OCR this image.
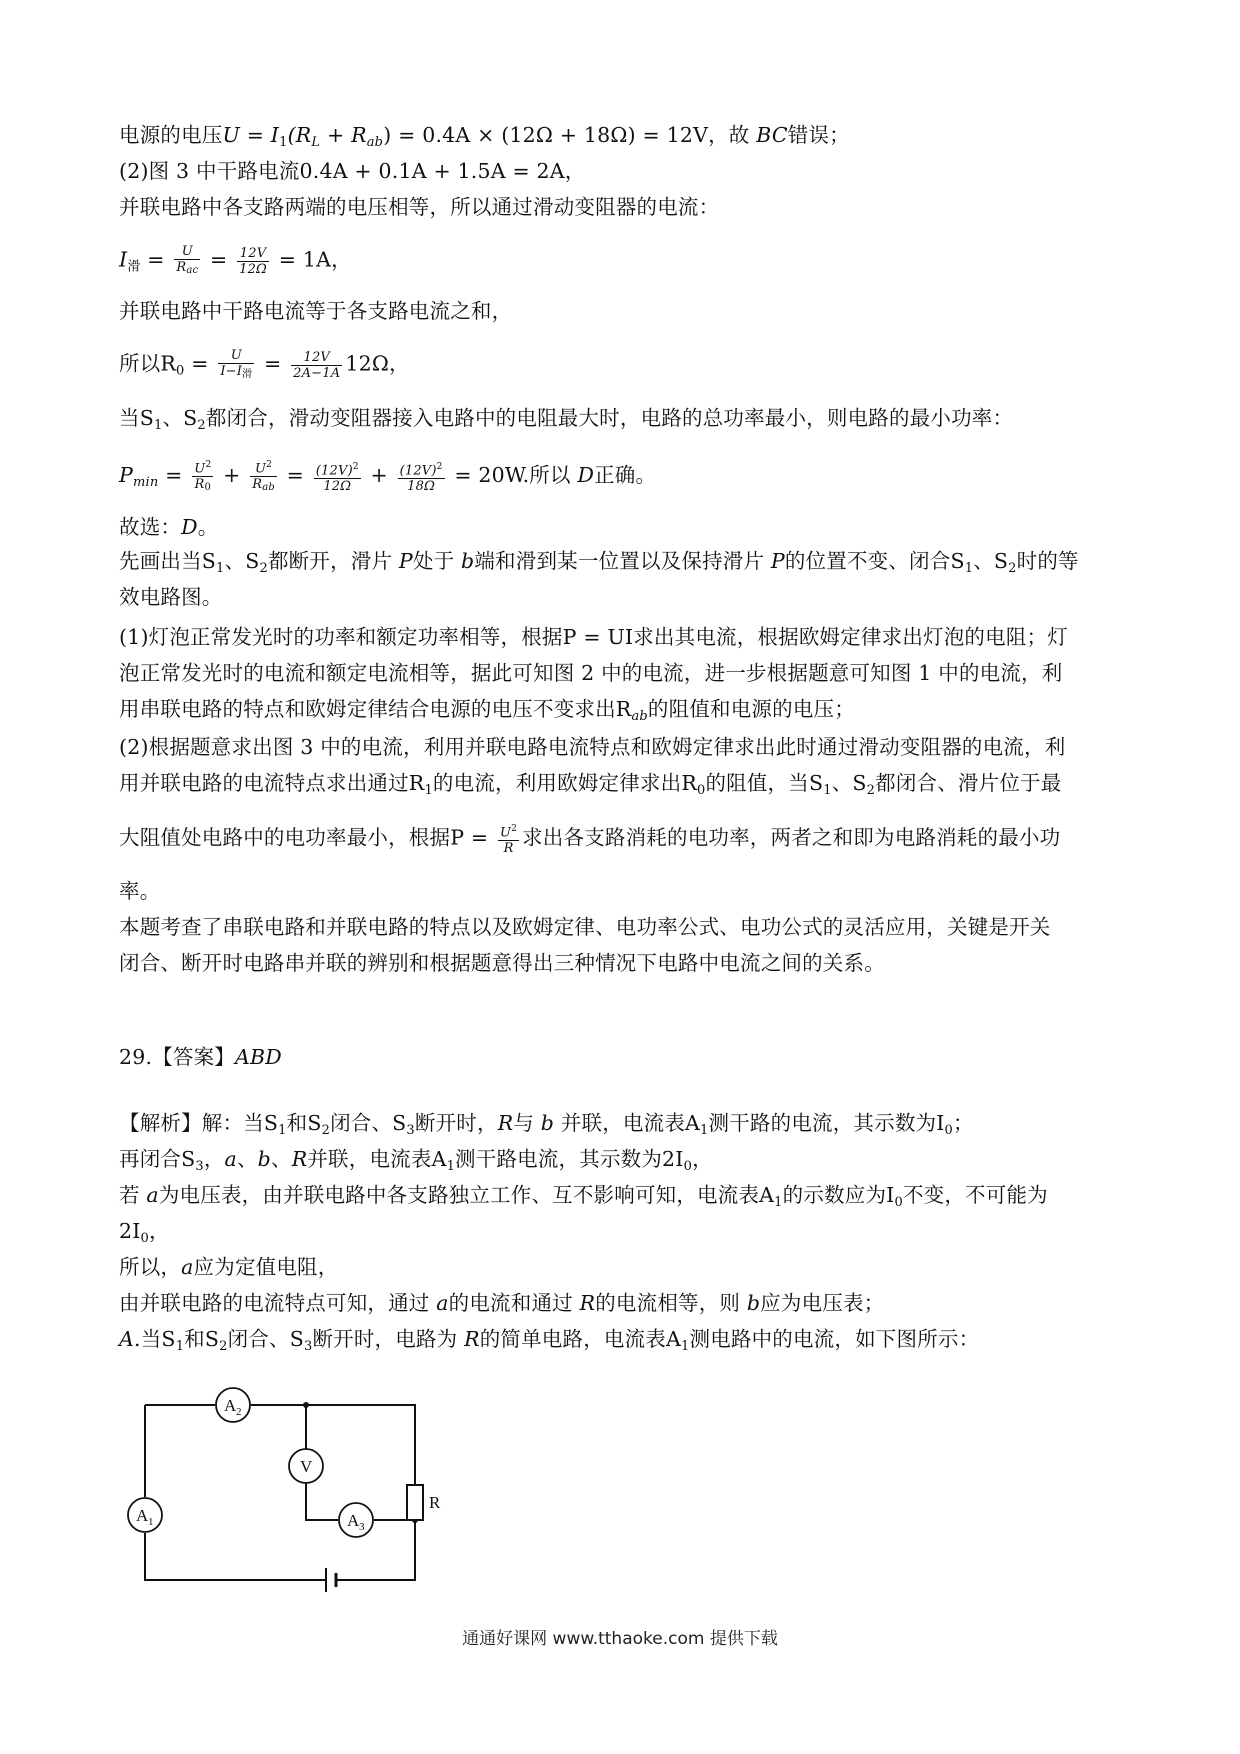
电源的电压$U = I_1(R_L + R_{ab}) = 0.4A \times (12\Omega + 18\Omega) = 12V$，故 BC错误；
(2)图 3 中干路电流0.4A + 0.1A + 1.5A = 2A，
并联电路中各支路两端的电压相等，所以通过滑动变阻器的电流：
$I_滑 = \frac{U}{R_{ac}} = \frac{12V}{12\Omega} = 1A$，
并联电路中干路电流等于各支路电流之和，
所以$R_0 = \frac{U}{I-I_滑} = \frac{12V}{2A-1A} 12\Omega$，
当$S_1$、$S_2$都闭合，滑动变阻器接入电路中的电阻最大时，电路的总功率最小，则电路的最小功率：
$P_{min} = \frac{U^2}{R_0} + \frac{U^2}{R_{ab}} = \frac{(12V)^2}{12\Omega} + \frac{(12V)^2}{18\Omega} = 20W$.所以 D正确。
故选：D。
先画出当$S_1$、$S_2$都断开，滑片 P处于 b端和滑到某一位置以及保持滑片 P的位置不变、闭合$S_1$、$S_2$时的等
效电路图。
(1)灯泡正常发光时的功率和额定功率相等，根据P = UI求出其电流，根据欧姆定律求出灯泡的电阻；灯
泡正常发光时的电流和额定电流相等，据此可知图 2 中的电流，进一步根据题意可知图 1 中的电流，利
用串联电路的特点和欧姆定律结合电源的电压不变求出$R_{ab}$的阻值和电源的电压；
(2)根据题意求出图 3 中的电流，利用并联电路电流特点和欧姆定律求出此时通过滑动变阻器的电流，利
用并联电路的电流特点求出通过$R_1$的电流，利用欧姆定律求出$R_0$的阻值，当$S_1$、$S_2$都闭合、滑片位于最
大阻值处电路中的电功率最小，根据$P = \frac{U^2}{R}$ 求出各支路消耗的电功率，两者之和即为电路消耗的最小功
率。
本题考查了串联电路和并联电路的特点以及欧姆定律、电功率公式、电功公式的灵活应用，关键是开关
闭合、断开时电路串并联的辨别和根据题意得出三种情况下电路中电流之间的关系。
29.【答案】ABD
【解析】解：当$S_1$和$S_2$闭合、$S_3$断开时，R与 b 并联，电流表$A_1$测干路的电流，其示数为$I_0$；
再闭合$S_3$，a、b、R并联，电流表$A_1$测干路电流，其示数为$2I_0$，
若 a为电压表，由并联电路中各支路独立工作、互不影响可知，电流表$A_1$的示数应为$I_0$不变，不可能为
$2I_0$，
所以，a应为定值电阻，
由并联电路的电流特点可知，通过 a的电流和通过 R的电流相等，则 b应为电压表；
A.当$S_1$和$S_2$闭合、$S_3$断开时，电路为 R的简单电路，电流表$A_1$测电路中的电流，如下图所示：
R
A 2
A 1
V
A 3
通通好课网 www.tthaoke.com 提供下载
